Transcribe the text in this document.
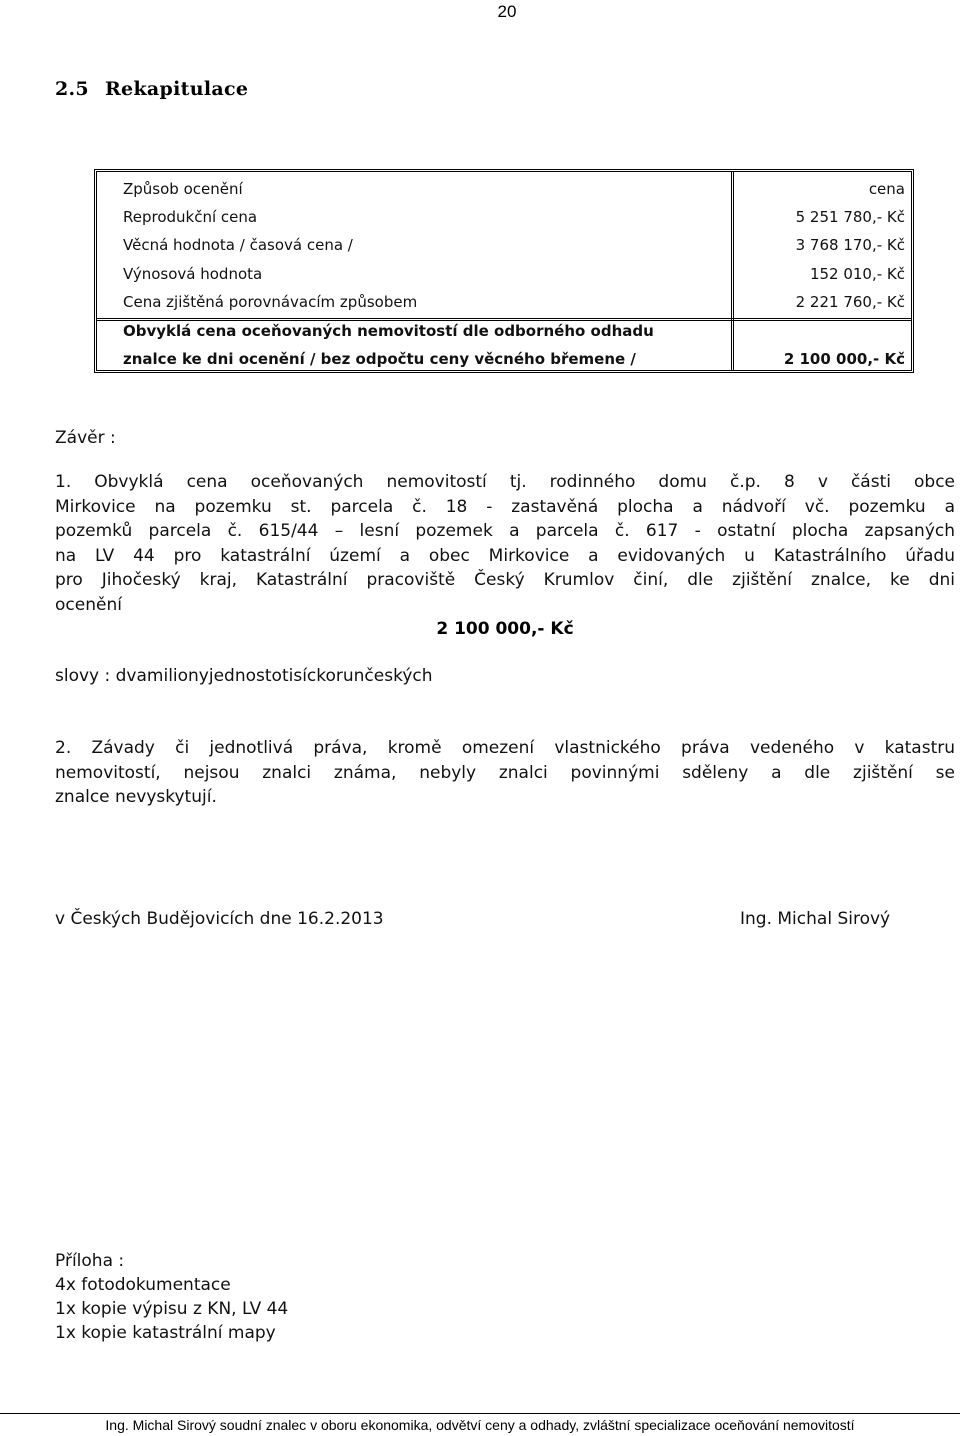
20
2.5 Rekapitulace
Způsob ocenění	cena
Reprodukční cena	5 251 780,- Kč
Věcná hodnota / časová cena /	3 768 170,- Kč
Výnosová hodnota	152 010,- Kč
Cena zjištěná porovnávacím způsobem	2 221 760,- Kč
Obvyklá cena oceňovaných nemovitostí dle odborného odhadu
znalce ke dni ocenění / bez odpočtu ceny věcného břemene /	2 100 000,- Kč
Závěr :
1. Obvyklá cena oceňovaných nemovitostí tj. rodinného domu č.p. 8 v části obce
Mirkovice na pozemku st. parcela č. 18 - zastavěná plocha a nádvoří vč. pozemku a
pozemků parcela č. 615/44 – lesní pozemek a parcela č. 617 - ostatní plocha zapsaných
na LV 44 pro katastrální území a obec Mirkovice a evidovaných u Katastrálního úřadu
pro Jihočeský kraj, Katastrální pracoviště Český Krumlov činí, dle zjištění znalce, ke dni
ocenění
2 100 000,- Kč
slovy : dvamilionyjednostotisíckorunčeských
2. Závady či jednotlivá práva, kromě omezení vlastnického práva vedeného v katastru
nemovitostí, nejsou znalci známa, nebyly znalci povinnými sděleny a dle zjištění se
znalce nevyskytují.
v Českých Budějovicích dne 16.2.2013	Ing. Michal Sirový
Příloha :
4x fotodokumentace
1x kopie výpisu z KN, LV 44
1x kopie katastrální mapy
Ing. Michal Sirový soudní znalec v oboru ekonomika, odvětví ceny a odhady, zvláštní specializace oceňování nemovitostí
